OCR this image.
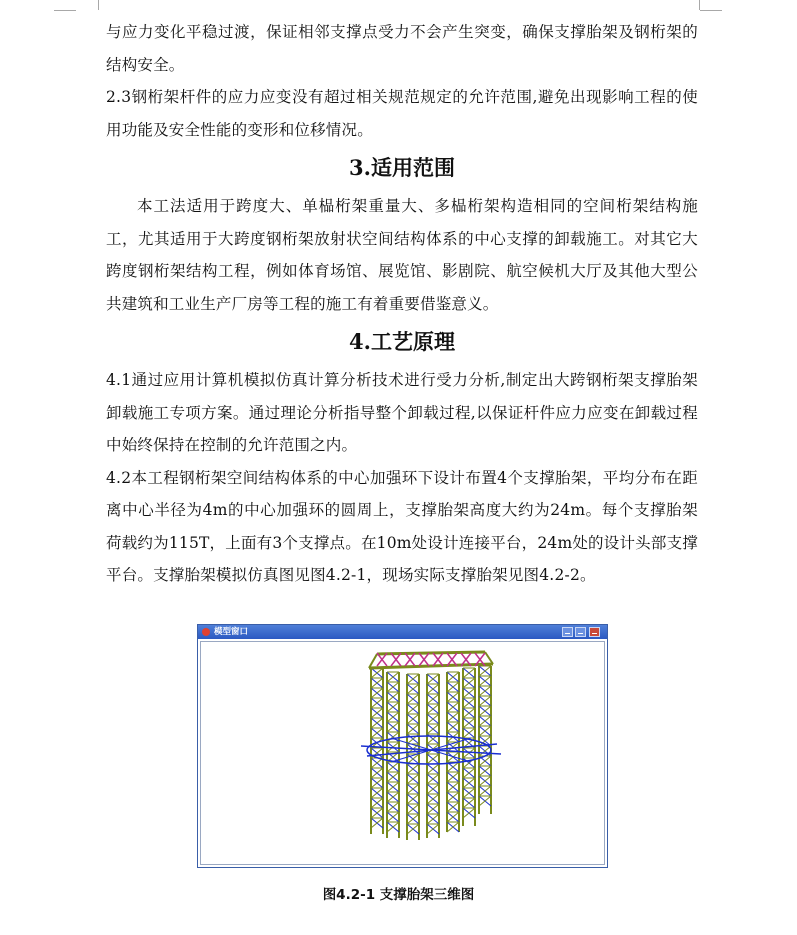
与应力变化平稳过渡，保证相邻支撑点受力不会产生突变，确保支撑胎架及钢桁架的结构安全。

2.3钢桁架杆件的应力应变没有超过相关规范规定的允许范围,避免出现影响工程的使用功能及安全性能的变形和位移情况。

3.适用范围

本工法适用于跨度大、单榀桁架重量大、多榀桁架构造相同的空间桁架结构施工，尤其适用于大跨度钢桁架放射状空间结构体系的中心支撑的卸载施工。对其它大跨度钢桁架结构工程，例如体育场馆、展览馆、影剧院、航空候机大厅及其他大型公共建筑和工业生产厂房等工程的施工有着重要借鉴意义。

4.工艺原理

4.1通过应用计算机模拟仿真计算分析技术进行受力分析,制定出大跨钢桁架支撑胎架卸载施工专项方案。通过理论分析指导整个卸载过程,以保证杆件应力应变在卸载过程中始终保持在控制的允许范围之内。

4.2本工程钢桁架空间结构体系的中心加强环下设计布置4个支撑胎架，平均分布在距离中心半径为4m的中心加强环的圆周上，支撑胎架高度大约为24m。每个支撑胎架荷载约为115T，上面有3个支撑点。在10m处设计连接平台，24m处的设计头部支撑平台。支撑胎架模拟仿真图见图4.2-1，现场实际支撑胎架见图4.2-2。

模型窗口
图4.2-1 支撑胎架三维图
